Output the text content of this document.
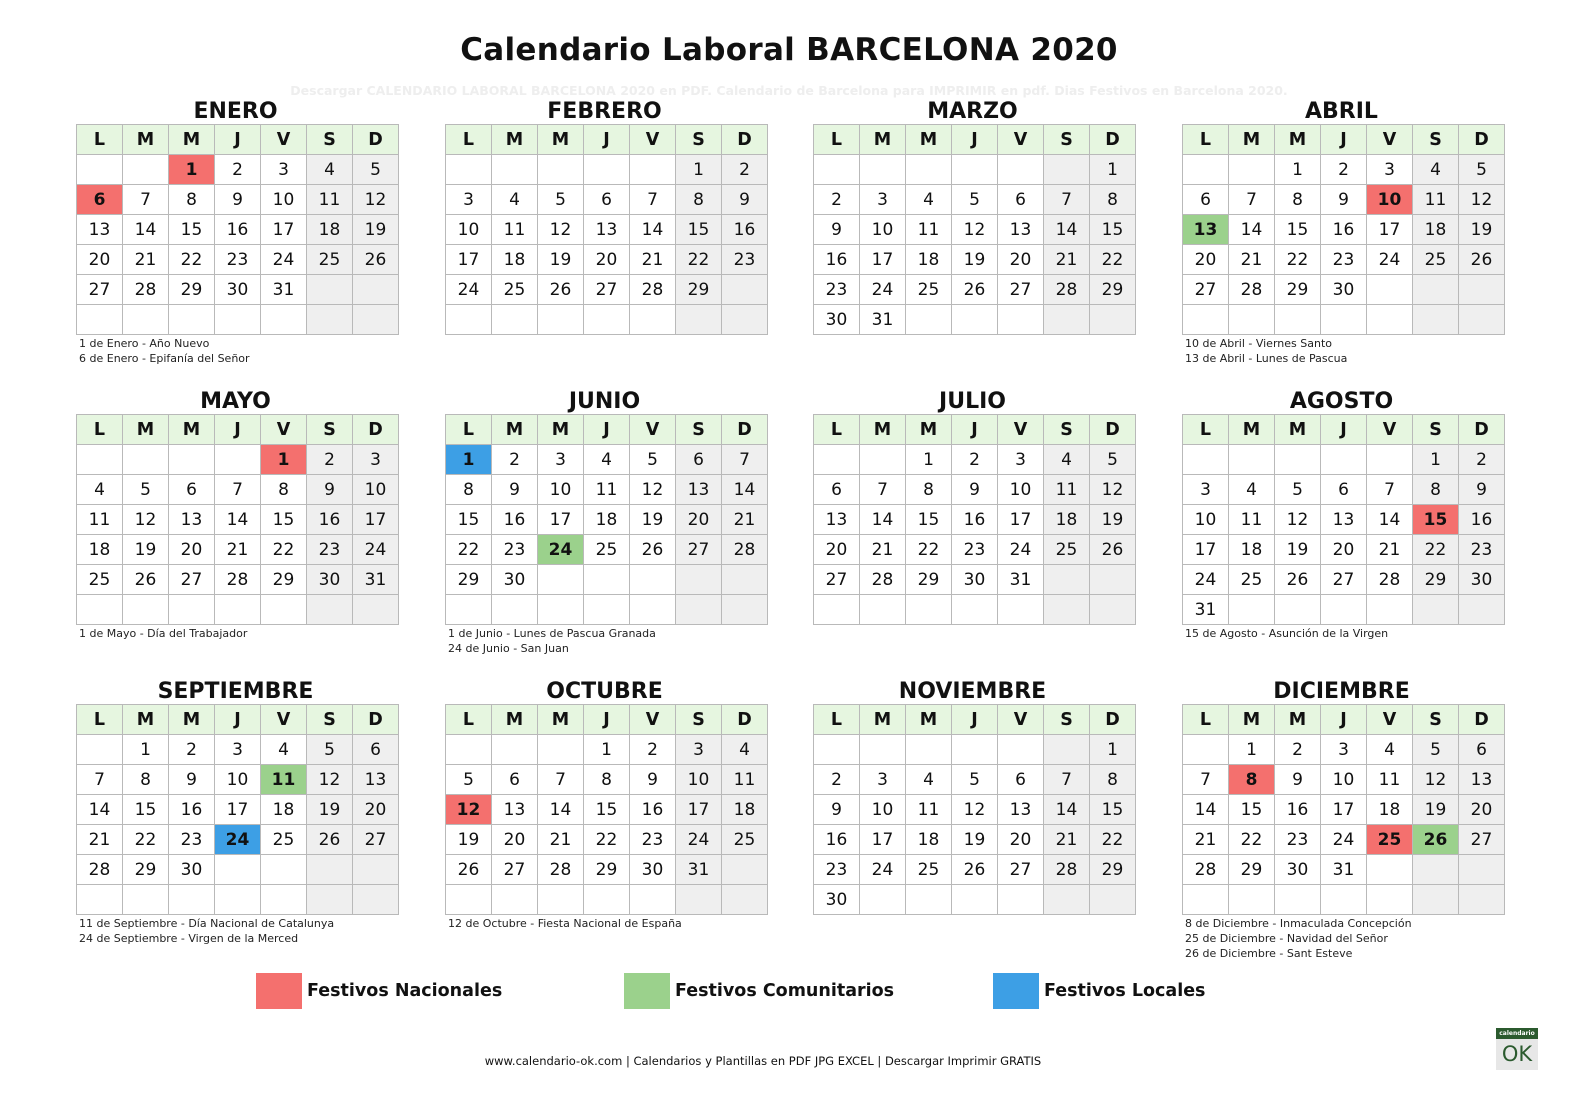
Calendario Laboral BARCELONA 2020
Descargar CALENDARIO LABORAL BARCELONA 2020 en PDF. Calendario de Barcelona para IMPRIMIR en pdf. Dias Festivos en Barcelona 2020.
ENERO
L	M	M	J	V	S	D
		1	2	3	4	5
6	7	8	9	10	11	12
13	14	15	16	17	18	19
20	21	22	23	24	25	26
27	28	29	30	31		

1 de Enero - Año Nuevo
6 de Enero - Epifanía del Señor
FEBRERO
L	M	M	J	V	S	D
					1	2
3	4	5	6	7	8	9
10	11	12	13	14	15	16
17	18	19	20	21	22	23
24	25	26	27	28	29	

MARZO
L	M	M	J	V	S	D
						1
2	3	4	5	6	7	8
9	10	11	12	13	14	15
16	17	18	19	20	21	22
23	24	25	26	27	28	29
30	31					
ABRIL
L	M	M	J	V	S	D
		1	2	3	4	5
6	7	8	9	10	11	12
13	14	15	16	17	18	19
20	21	22	23	24	25	26
27	28	29	30			

10 de Abril - Viernes Santo
13 de Abril - Lunes de Pascua
MAYO
L	M	M	J	V	S	D
				1	2	3
4	5	6	7	8	9	10
11	12	13	14	15	16	17
18	19	20	21	22	23	24
25	26	27	28	29	30	31

1 de Mayo - Día del Trabajador
JUNIO
L	M	M	J	V	S	D
1	2	3	4	5	6	7
8	9	10	11	12	13	14
15	16	17	18	19	20	21
22	23	24	25	26	27	28
29	30					

1 de Junio - Lunes de Pascua Granada
24 de Junio - San Juan
JULIO
L	M	M	J	V	S	D
		1	2	3	4	5
6	7	8	9	10	11	12
13	14	15	16	17	18	19
20	21	22	23	24	25	26
27	28	29	30	31		

AGOSTO
L	M	M	J	V	S	D
					1	2
3	4	5	6	7	8	9
10	11	12	13	14	15	16
17	18	19	20	21	22	23
24	25	26	27	28	29	30
31						
15 de Agosto - Asunción de la Virgen
SEPTIEMBRE
L	M	M	J	V	S	D
	1	2	3	4	5	6
7	8	9	10	11	12	13
14	15	16	17	18	19	20
21	22	23	24	25	26	27
28	29	30				

11 de Septiembre - Día Nacional de Catalunya
24 de Septiembre - Virgen de la Merced
OCTUBRE
L	M	M	J	V	S	D
			1	2	3	4
5	6	7	8	9	10	11
12	13	14	15	16	17	18
19	20	21	22	23	24	25
26	27	28	29	30	31	

12 de Octubre - Fiesta Nacional de España
NOVIEMBRE
L	M	M	J	V	S	D
						1
2	3	4	5	6	7	8
9	10	11	12	13	14	15
16	17	18	19	20	21	22
23	24	25	26	27	28	29
30						
DICIEMBRE
L	M	M	J	V	S	D
	1	2	3	4	5	6
7	8	9	10	11	12	13
14	15	16	17	18	19	20
21	22	23	24	25	26	27
28	29	30	31			

8 de Diciembre - Inmaculada Concepción
25 de Diciembre - Navidad del Señor
26 de Diciembre - Sant Esteve
Festivos Nacionales	Festivos Comunitarios	Festivos Locales
www.calendario-ok.com | Calendarios y Plantillas en PDF JPG EXCEL | Descargar Imprimir GRATIS
calendario
OK
